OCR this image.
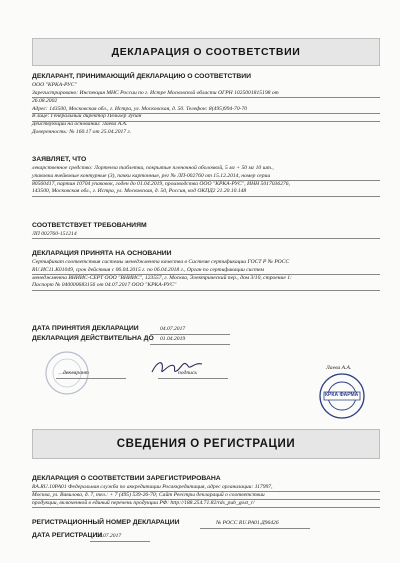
ДЕКЛАРАЦИЯ О СООТВЕТСТВИИ
ДЕКЛАРАНТ, ПРИНИМАЮЩИЙ ДЕКЛАРАЦИЮ О СООТВЕТСТВИИ
ООО "КРКА-РУС"
Зарегистрировано: Инспекция МНС России по г. Истре Московской области ОГРН 1025001815198 от
26.08.2002
Адрес: 143500, Московская обл., г. Истра, ул. Московская, д. 50. Телефон: 8(495)994-70-70
В лице: Генеральный директор Пельхер Зупан
Действующий на основании: Лаева А.А.
Доверенность: № 160.17 от 25.04.2017 г.
ЗАЯВЛЯЕТ, ЧТО
лекарственное средство: Лортенза таблетки, покрытые пленочной оболочкой, 5 мг + 50 мг 10 шт.,
упаковки ячейковые контурные (3), пачки картонные, рег № ЛП-002760 от 15.12.2014, номер серии
80560417, партия 10704 упаковок, годен до 01.04.2019, производства ООО "КРКА-РУС", ИНН 5017036276,
143500, Московская обл., г. Истра, ул. Московская, д. 50, Россия, код ОКПД2 21.20.10.148
СООТВЕТСТВУЕТ ТРЕБОВАНИЯМ
ЛП 002760-151214
ДЕКЛАРАЦИЯ ПРИНЯТА НА ОСНОВАНИИ
Сертификат соответствия системы менеджмента качества в Системе сертификации ГОСТ Р № РОСС
RU.ИС11.К01049, срок действия с 06.04.2015 г. по 06.04.2018 г., Орган по сертификации систем
менеджмента ВНИИС-СЕРТ ООО "ВНИИС", 123557, г. Москва, Электрический пер., дом 3/10, строение 1:
Паспорт № 040000683156 от 04.07.2017 ООО "КРКА-РУС"
ДАТА ПРИНЯТИЯ ДЕКЛАРАЦИИ	04.07.2017
ДЕКЛАРАЦИЯ ДЕЙСТВИТЕЛЬНА ДО 01.04.2019
декларант	подпись
Лаева А.А.
КРКА ФАРМА
СВЕДЕНИЯ О РЕГИСТРАЦИИ
ДЕКЛАРАЦИЯ О СООТВЕТСТВИИ ЗАРЕГИСТРИРОВАНА
RA.RU.10РА01 Федеральная служба по аккредитации Росаккредитация, адрес организации: 117997,
Москва, ул. Вавилова, д. 7, тел.: + 7 (495) 539-26-70; Сайт Реестры деклараций о соответствии
продукции, включенной в единый перечень продукции РФ: http://188.254.71.82/rds_pub_gost_r/
РЕГИСТРАЦИОННЫЙ НОМЕР ДЕКЛАРАЦИИ	№ РОСС RU.РА01.Д96426
ДАТА РЕГИСТРАЦИИ
04.07.2017
